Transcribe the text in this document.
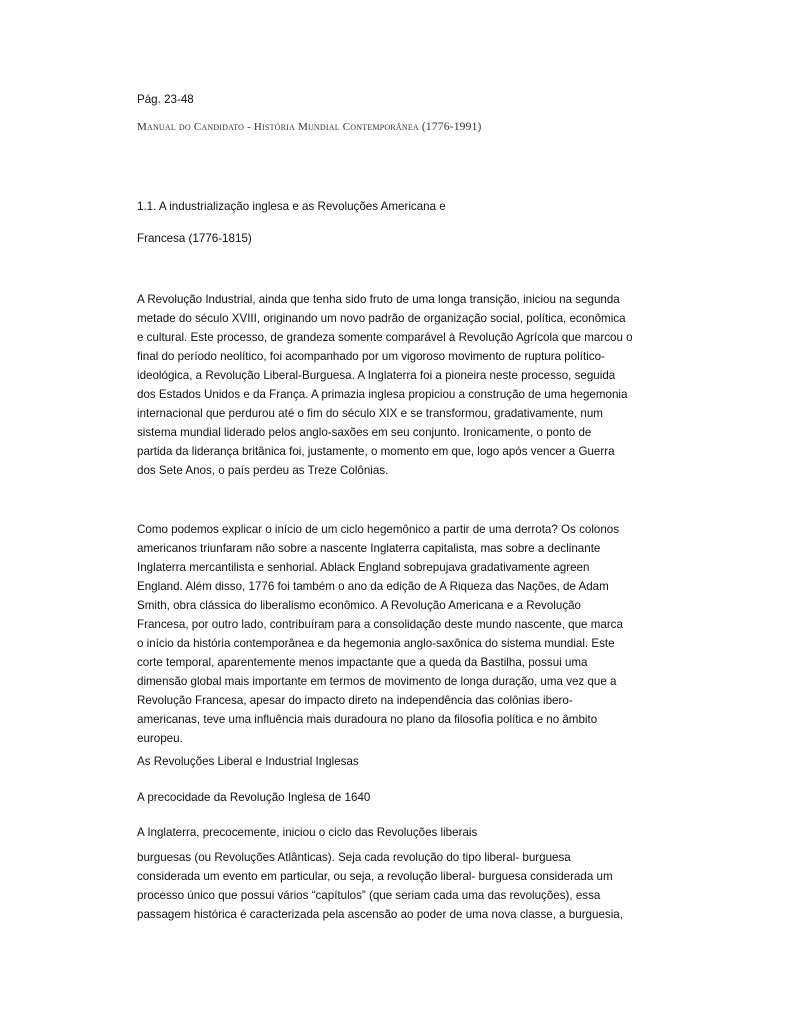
Pág. 23-48

Manual do Candidato - História Mundial Contemporânea (1776-1991)

1.1. A industrialização inglesa e as Revoluções Americana e

Francesa (1776-1815)

A Revolução Industrial, ainda que tenha sido fruto de uma longa transição, iniciou na segunda

metade do século XVIII, originando um novo padrão de organização social, política, econômica

e cultural. Este processo, de grandeza somente comparável à Revolução Agrícola que marcou o

final do período neolítico, foi acompanhado por um vigoroso movimento de ruptura político-

ideológica, a Revolução Liberal-Burguesa. A Inglaterra foi a pioneira neste processo, seguida

dos Estados Unidos e da França. A primazia inglesa propiciou a construção de uma hegemonia

internacional que perdurou até o fim do século XIX e se transformou, gradativamente, num

sistema mundial liderado pelos anglo-saxões em seu conjunto. Ironicamente, o ponto de

partida da liderança britânica foi, justamente, o momento em que, logo após vencer a Guerra

dos Sete Anos, o país perdeu as Treze Colônias.

Como podemos explicar o início de um ciclo hegemônico a partir de uma derrota? Os colonos

americanos triunfaram não sobre a nascente Inglaterra capitalista, mas sobre a declinante

Inglaterra mercantilista e senhorial. Ablack England sobrepujava gradativamente agreen

England. Além disso, 1776 foi também o ano da edição de A Riqueza das Nações, de Adam

Smith, obra clássica do liberalismo econômico. A Revolução Americana e a Revolução

Francesa, por outro lado, contribuíram para a consolidação deste mundo nascente, que marca

o início da história contemporânea e da hegemonia anglo-saxônica do sistema mundial. Este

corte temporal, aparentemente menos impactante que a queda da Bastilha, possui uma

dimensão global mais importante em termos de movimento de longa duração, uma vez que a

Revolução Francesa, apesar do impacto direto na independência das colônias ibero-

americanas, teve uma influência mais duradoura no plano da filosofia política e no âmbito

europeu.

As Revoluções Liberal e Industrial Inglesas

A precocidade da Revolução Inglesa de 1640

A Inglaterra, precocemente, iniciou o ciclo das Revoluções liberais

burguesas (ou Revoluções Atlânticas). Seja cada revolução do tipo liberal- burguesa

considerada um evento em particular, ou seja, a revolução liberal- burguesa considerada um

processo único que possui vários “capítulos” (que seriam cada uma das revoluções), essa

passagem histórica é caracterizada pela ascensão ao poder de uma nova classe, a burguesia,
